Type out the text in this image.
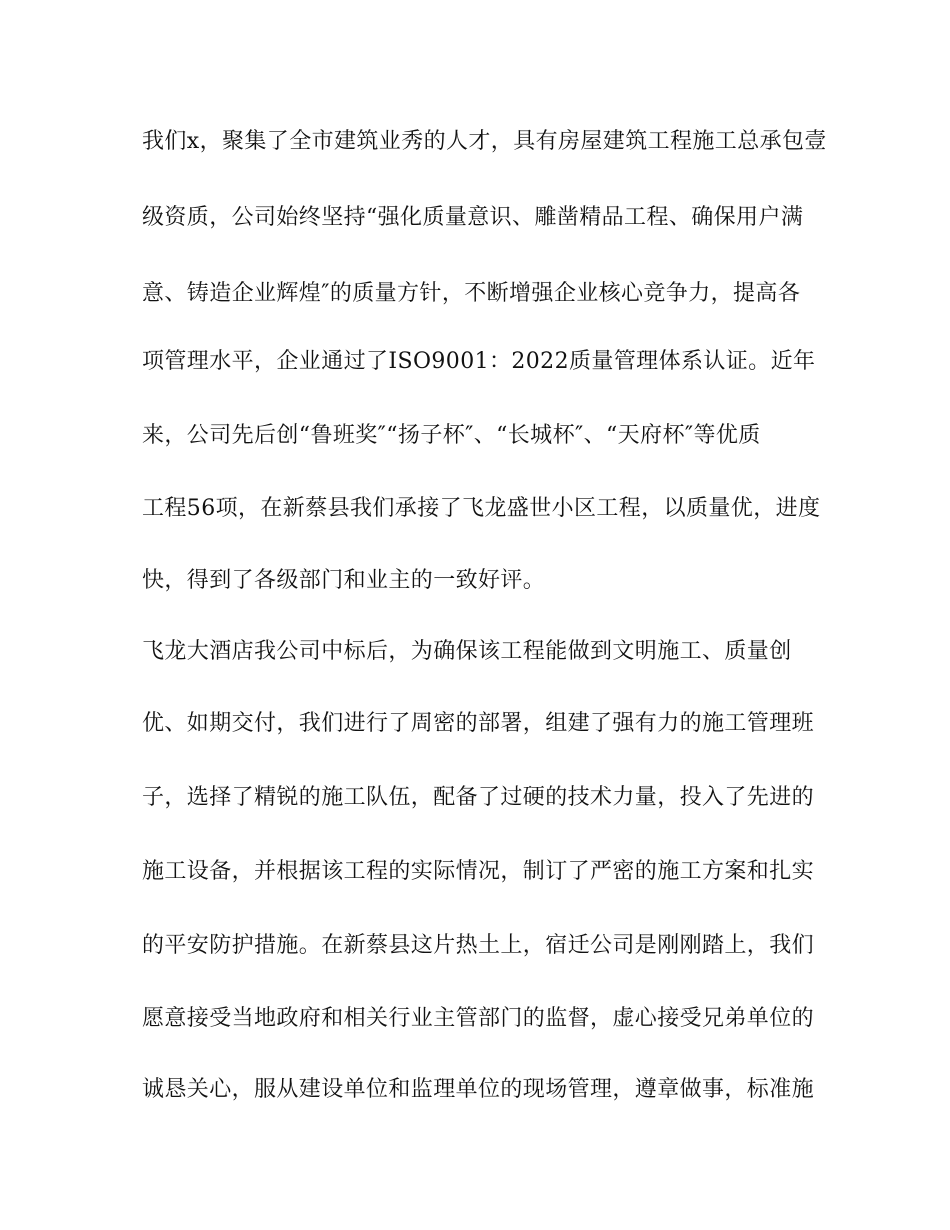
我们x，聚集了全市建筑业秀的人才，具有房屋建筑工程施工总承包壹

级资质，公司始终坚持“强化质量意识、雕凿精品工程、确保用户满

意、铸造企业辉煌″的质量方针，不断增强企业核心竞争力，提高各

项管理水平，企业通过了ISO9001：2022质量管理体系认证。近年

来，公司先后创“鲁班奖″“扬子杯″、“长城杯″、“天府杯″等优质

工程56项，在新蔡县我们承接了飞龙盛世小区工程，以质量优，进度

快，得到了各级部门和业主的一致好评。

飞龙大酒店我公司中标后，为确保该工程能做到文明施工、质量创

优、如期交付，我们进行了周密的部署，组建了强有力的施工管理班

子，选择了精锐的施工队伍，配备了过硬的技术力量，投入了先进的

施工设备，并根据该工程的实际情况，制订了严密的施工方案和扎实

的平安防护措施。在新蔡县这片热土上，宿迁公司是刚刚踏上，我们

愿意接受当地政府和相关行业主管部门的监督，虚心接受兄弟单位的

诚恳关心，服从建设单位和监理单位的现场管理，遵章做事，标准施
